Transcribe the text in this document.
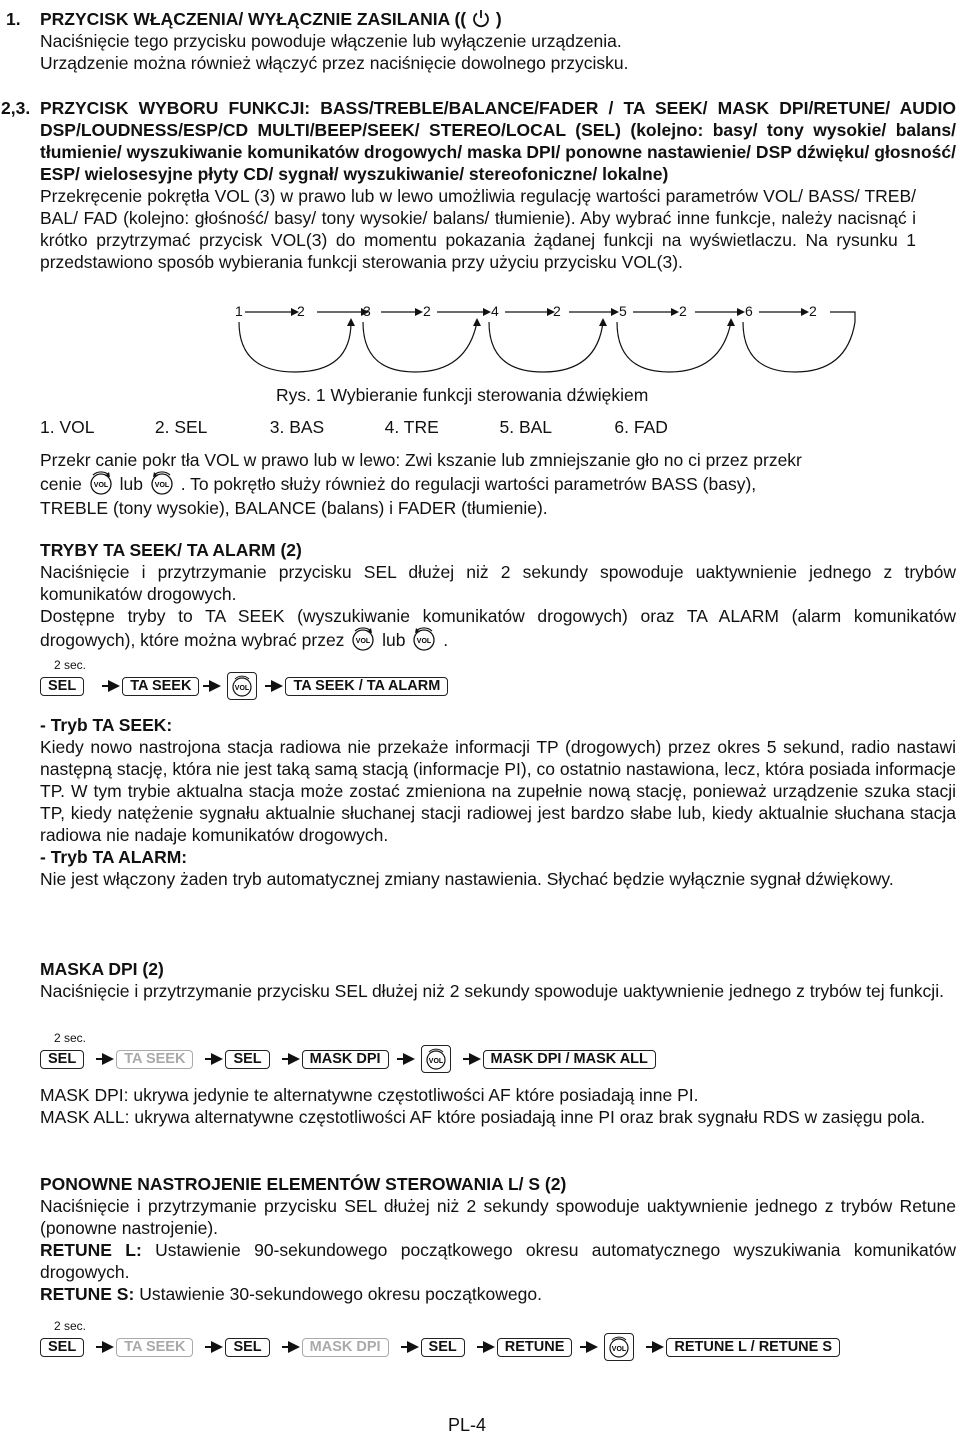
1. PRZYCISK WŁĄCZENIA/ WYŁĄCZNIE ZASILANIA (( )
Naciśnięcie tego przycisku powoduje włączenie lub wyłączenie urządzenia.
Urządzenie można również włączyć przez naciśnięcie dowolnego przycisku.
2,3. PRZYCISK WYBORU FUNKCJI: BASS/TREBLE/BALANCE/FADER / TA SEEK/ MASK DPI/RETUNE/ AUDIO DSP/LOUDNESS/ESP/CD MULTI/BEEP/SEEK/ STEREO/LOCAL (SEL) (kolejno: basy/ tony wysokie/ balans/ tłumienie/ wyszukiwanie komunikatów drogowych/ maska DPI/ ponowne nastawienie/ DSP dźwięku/ głosność/ ESP/ wielosesyjne płyty CD/ sygnał/ wyszukiwanie/ stereofoniczne/ lokalne)
Przekręcenie pokrętła VOL (3) w prawo lub w lewo umożliwia regulację wartości parametrów VOL/ BASS/ TREB/ BAL/ FAD (kolejno: głośność/ basy/ tony wysokie/ balans/ tłumienie). Aby wybrać inne funkcje, należy nacisnąć i krótko przytrzymać przycisk VOL(3) do momentu pokazania żądanej funkcji na wyświetlaczu. Na rysunku 1 przedstawiono sposób wybierania funkcji sterowania przy użyciu przycisku VOL(3).
1	2	3	2	4	2	5	2	6	2
Rys. 1 Wybieranie funkcji sterowania dźwiękiem
1. VOL	2. SEL	3. BAS	4. TRE	5. BAL	6. FAD
Przekr canie pokr tła VOL w prawo lub w lewo: Zwi kszanie lub zmniejszanie gło no ci przez przekr
cenie VOL lub VOL . To pokrętło służy również do regulacji wartości parametrów BASS (basy),
TREBLE (tony wysokie), BALANCE (balans) i FADER (tłumienie).
TRYBY TA SEEK/ TA ALARM (2)
Naciśnięcie i przytrzymanie przycisku SEL dłużej niż 2 sekundy spowoduje uaktywnienie jednego z trybów komunikatów drogowych.
Dostępne tryby to TA SEEK (wyszukiwanie komunikatów drogowych) oraz TA ALARM (alarm komunikatów drogowych), które można wybrać przez VOL lub VOL .
2 sec.
SEL	TA SEEK	VOL	TA SEEK / TA ALARM
- Tryb TA SEEK:
Kiedy nowo nastrojona stacja radiowa nie przekaże informacji TP (drogowych) przez okres 5 sekund, radio nastawi następną stację, która nie jest taką samą stacją (informacje PI), co ostatnio nastawiona, lecz, która posiada informacje TP. W tym trybie aktualna stacja może zostać zmieniona na zupełnie nową stację, ponieważ urządzenie szuka stacji TP, kiedy natężenie sygnału aktualnie słuchanej stacji radiowej jest bardzo słabe lub, kiedy aktualnie słuchana stacja radiowa nie nadaje komunikatów drogowych.
- Tryb TA ALARM:
Nie jest włączony żaden tryb automatycznej zmiany nastawienia. Słychać będzie wyłącznie sygnał dźwiękowy.
MASKA DPI (2)
Naciśnięcie i przytrzymanie przycisku SEL dłużej niż 2 sekundy spowoduje uaktywnienie jednego z trybów tej funkcji.
2 sec.
SEL	TA SEEK	SEL	MASK DPI	VOL	MASK DPI / MASK ALL
MASK DPI: ukrywa jedynie te alternatywne częstotliwości AF które posiadają inne PI.
MASK ALL: ukrywa alternatywne częstotliwości AF które posiadają inne PI oraz brak sygnału RDS w zasięgu pola.
PONOWNE NASTROJENIE ELEMENTÓW STEROWANIA L/ S (2)
Naciśnięcie i przytrzymanie przycisku SEL dłużej niż 2 sekundy spowoduje uaktywnienie jednego z trybów Retune (ponowne nastrojenie).
RETUNE L: Ustawienie 90-sekundowego początkowego okresu automatycznego wyszukiwania komunikatów drogowych.
RETUNE S: Ustawienie 30-sekundowego okresu początkowego.
2 sec.
SEL	TA SEEK	SEL	MASK DPI	SEL	RETUNE	VOL	RETUNE L / RETUNE S
PL-4
